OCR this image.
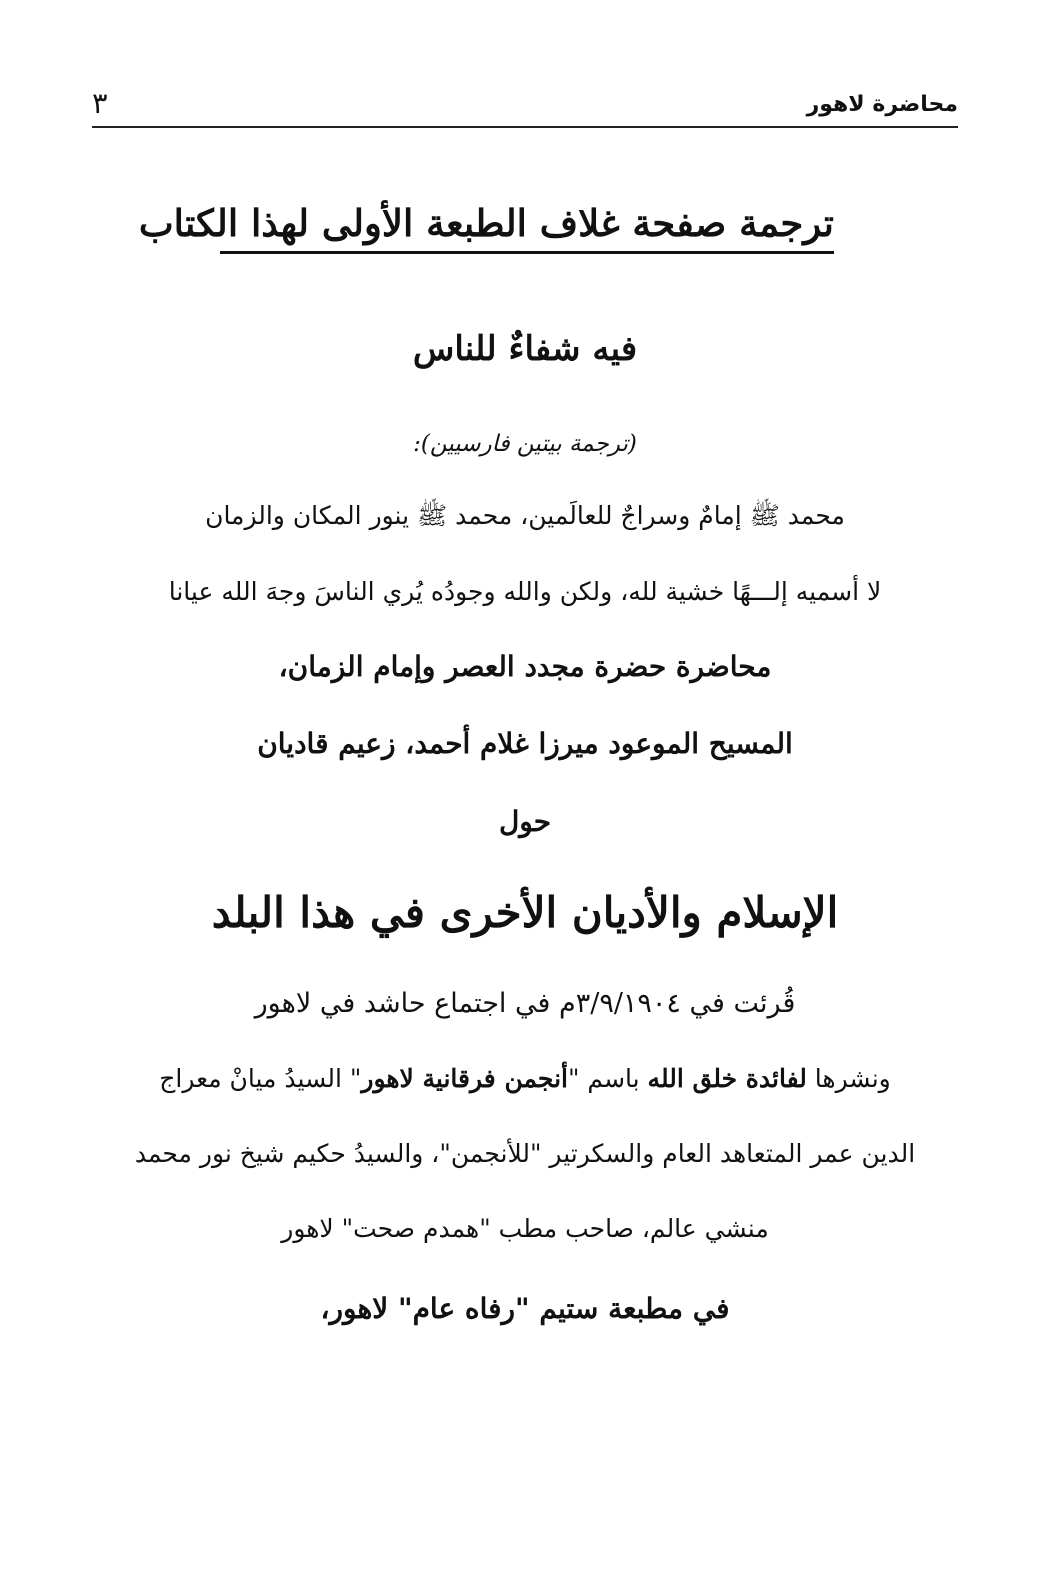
محاضرة لاهور
٣
ترجمة صفحة غلاف الطبعة الأولى لهذا الكتاب
فيه شفاءٌ للناس
(ترجمة بيتين فارسيين):
محمد ﷺ إمامٌ وسراجٌ للعالَمين، محمد ﷺ ينور المكان والزمان
لا أسميه إلـــهًا خشية لله، ولكن والله وجودُه يُري الناسَ وجهَ الله عيانا
محاضرة حضرة مجدد العصر وإمام الزمان،
المسيح الموعود ميرزا غلام أحمد، زعيم قاديان
حول
الإسلام والأديان الأخرى في هذا البلد
قُرئت في ٣/٩/١٩٠٤م في اجتماع حاشد في لاهور
ونشرها لفائدة خلق الله باسم "أنجمن فرقانية لاهور" السيدُ ميانْ معراج
الدين عمر المتعاهد العام والسكرتير "للأنجمن"، والسيدُ حكيم شيخ نور محمد
منشي عالم، صاحب مطب "همدم صحت" لاهور
في مطبعة ستيم "رفاه عام" لاهور،
